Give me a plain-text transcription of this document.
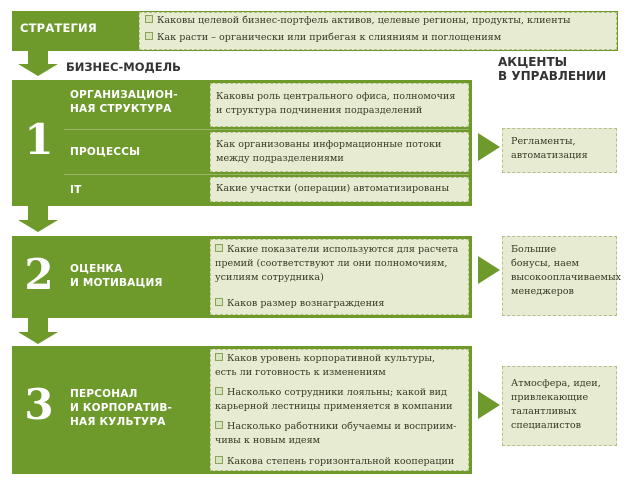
СТРАТЕГИЯ
Каковы целевой бизнес-портфель активов, целевые регионы, продукты, клиенты
Как расти – органически или прибегая к слияниям и поглощениям
БИЗНЕС-МОДЕЛЬ	АКЦЕНТЫ
В УПРАВЛЕНИИ
1
ОРГАНИЗАЦИОН-
НАЯ СТРУКТУРА
Каковы роль центрального офиса, полномочия
и структура подчинения подразделений
ПРОЦЕССЫ
Как организованы информационные потоки
между подразделениями
IT	Какие участки (операции) автоматизированы
Регламенты,
автоматизация
2	ОЦЕНКА
И МОТИВАЦИЯ
Какие показатели используются для расчета
премий (соответствуют ли они полномочиям,
усилиям сотрудника)
Каков размер вознаграждения
Большие
бонусы, наем
высокооплачиваемых
менеджеров
3	ПЕРСОНАЛ
И КОРПОРАТИВ-
НАЯ КУЛЬТУРА
Каков уровень корпоративной культуры,
есть ли готовность к изменениям
Насколько сотрудники лояльны; какой вид
карьерной лестницы применяется в компании
Насколько работники обучаемы и восприим-
чивы к новым идеям
Какова степень горизонтальной кооперации
Атмосфера, идеи,
привлекающие
талантливых
специалистов
